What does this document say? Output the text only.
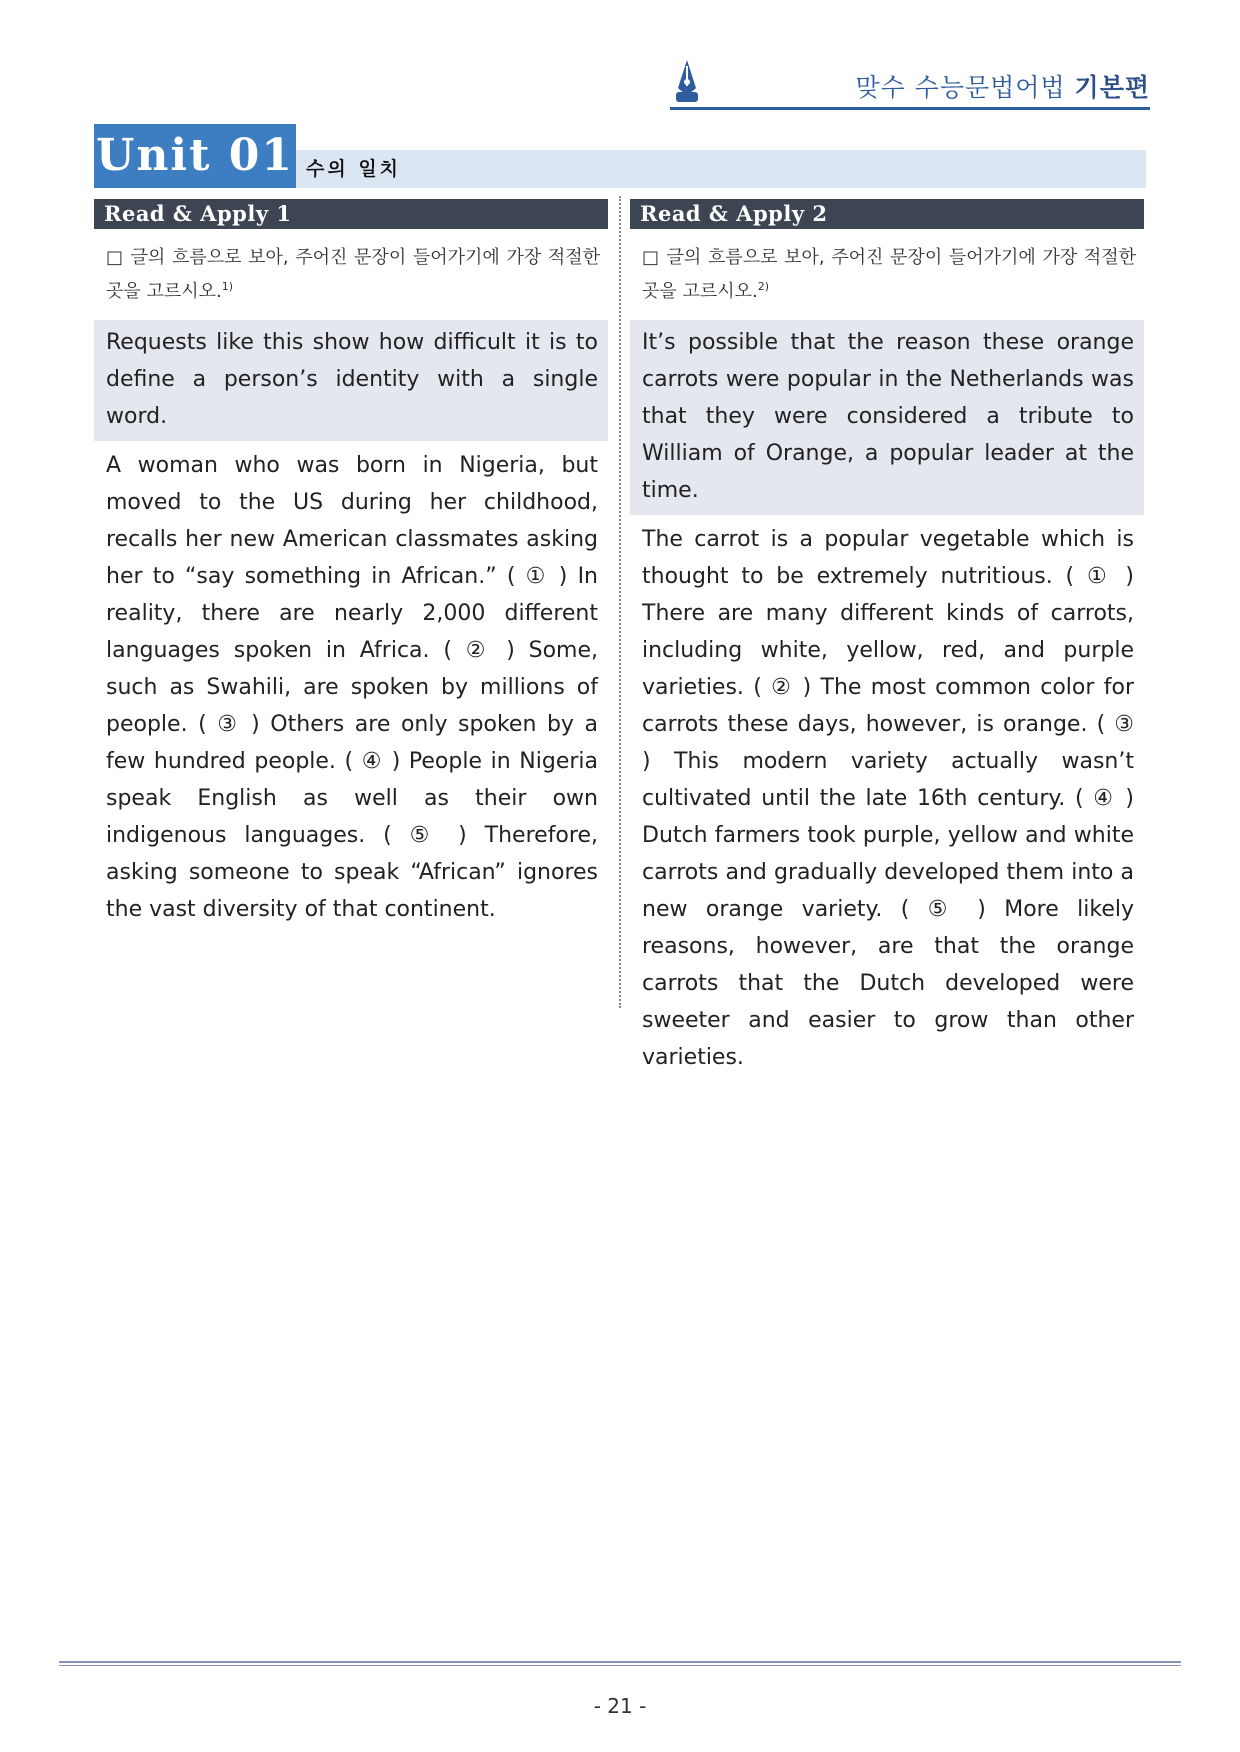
맞수 수능문법어법 기본편
Unit 01 수의 일치
Read & Apply 1
□ 글의 흐름으로 보아, 주어진 문장이 들어가기에 가장 적절한 곳을 고르시오.$^{1)}$
Requests like this show how difficult it is to define a person’s identity with a single word.
A woman who was born in Nigeria, but moved to the US during her childhood, recalls her new American classmates asking her to “say something in African.” ( ① ) In reality, there are nearly 2,000 different languages spoken in Africa. ( ② ) Some, such as Swahili, are spoken by millions of people. ( ③ ) Others are only spoken by a few hundred people. ( ④ ) People in Nigeria speak English as well as their own indigenous languages. ( ⑤ ) Therefore, asking someone to speak “African” ignores the vast diversity of that continent.
Read & Apply 2
□ 글의 흐름으로 보아, 주어진 문장이 들어가기에 가장 적절한 곳을 고르시오.$^{2)}$
It’s possible that the reason these orange carrots were popular in the Netherlands was that they were considered a tribute to William of Orange, a popular leader at the time.
The carrot is a popular vegetable which is thought to be extremely nutritious. ( ① ) There are many different kinds of carrots, including white, yellow, red, and purple varieties. ( ② ) The most common color for carrots these days, however, is orange. ( ③ ) This modern variety actually wasn’t cultivated until the late 16th century. ( ④ ) Dutch farmers took purple, yellow and white carrots and gradually developed them into a new orange variety. ( ⑤ ) More likely reasons, however, are that the orange carrots that the Dutch developed were sweeter and easier to grow than other varieties.
- 21 -
